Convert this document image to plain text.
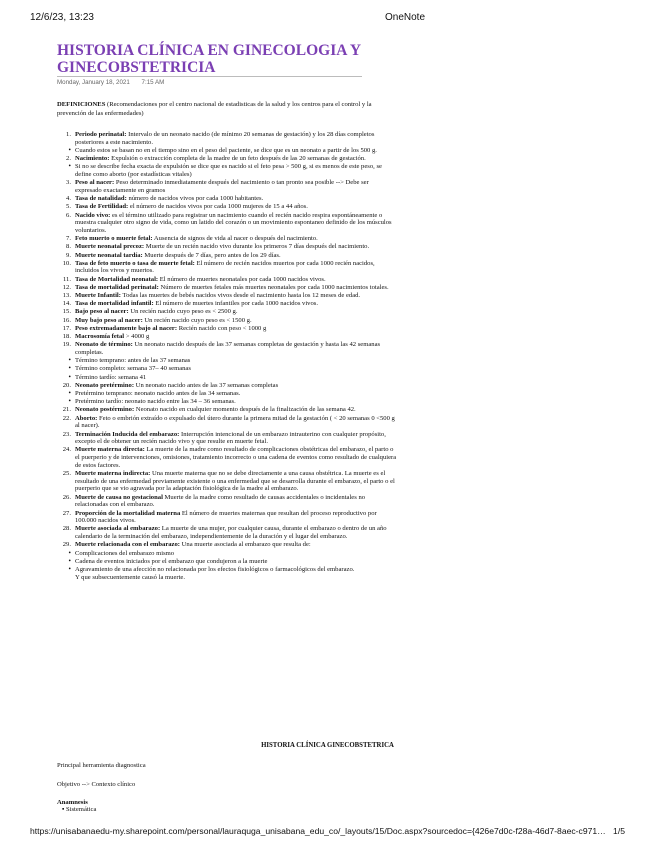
12/6/23, 13:23	OneNote
HISTORIA CLÍNICA EN GINECOLOGIA Y GINECOBSTETRICIA
Monday, January 18, 2021 7:15 AM
DEFINICIONES (Recomendaciones por el centro nacional de estadisticas de la salud y los centros para el control y la prevención de las enfermedades)
1. Periodo perinatal: Intervalo de un neonato nacido (de mínimo 20 semanas de gestación) y los 28 días completos posteriores a este nacimiento.
• Cuando estos se basan no en el tiempo sino en el peso del paciente, se dice que es un neonato a partir de los 500 g.
2. Nacimiento: Expulsión o extracción completa de la madre de un feto después de las 20 semanas de gestación.
• Si no se describe fecha exacta de expulsión se dice que es nacido si el feto pesa > 500 g, si es menos de este peso, se define como aborto (por estadísticas vitales)
3. Peso al nacer: Peso determinado inmediatamente después del nacimiento o tan pronto sea posible --> Debe ser expresado exactamente en gramos
4. Tasa de natalidad: número de nacidos vivos por cada 1000 habitantes.
5. Tasa de Fertilidad: el número de nacidos vivos por cada 1000 mujeres de 15 a 44 años.
6. Nacido vivo: es el término utilizado para registrar un nacimiento cuando el recién nacido respira espontáneamente o muestra cualquier otro signo de vida, como un latido del corazón o un movimiento espontaneo definido de los músculos voluntarios.
7. Feto muerto o muerte fetal: Ausencia de signos de vida al nacer o después del nacimiento.
8. Muerte neonatal precoz: Muerte de un recién nacido vivo durante los primeros 7 días después del nacimiento.
9. Muerte neonatal tardía: Muerte después de 7 días, pero antes de los 29 días.
10. Tasa de feto muerto o tasa de muerte fetal: El número de recién nacidos muertos por cada 1000 recién nacidos, incluidos los vivos y muertos.
11. Tasa de Mortalidad neonatal: El número de muertes neonatales por cada 1000 nacidos vivos.
12. Tasa de mortalidad perinatal: Número de muertes fetales más muertes neonatales por cada 1000 nacimientos totales.
13. Muerte Infantil: Todas las muertes de bebés nacidos vivos desde el nacimiento hasta los 12 meses de edad.
14. Tasa de mortalidad infantil: El número de muertes infantiles por cada 1000 nacidos vivos.
15. Bajo peso al nacer: Un recién nacido cuyo peso es < 2500 g.
16. Muy bajo peso al nacer: Un recién nacido cuyo peso es < 1500 g.
17. Peso extremadamente bajo al nacer: Recién nacido con peso < 1000 g
18. Macrosomía fetal > 4000 g
19. Neonato de término: Un neonato nacido después de las 37 semanas completas de gestación y hasta las 42 semanas completas.
• Término temprano: antes de las 37 semanas
• Término completo: semana 37– 40 semanas
• Término tardío: semana 41
20. Neonato pretérmino: Un neonato nacido antes de las 37 semanas completas
• Pretérmino temprano: neonato nacido antes de las 34 semanas.
• Pretérmino tardío: neonato nacido entre las 34 – 36 semanas.
21. Neonato postérmino: Neonato nacido en cualquier momento después de la finalización de las semana 42.
22. Aborto: Feto o embrión extraído o expulsado del útero durante la primera mitad de la gestación ( < 20 semanas 0 <500 g al nacer).
23. Terminación Inducida del embarazo: Interrupción intencional de un embarazo intrauterino con cualquier propósito, excepto el de obtener un recién nacido vivo y que resulte en muerte fetal.
24. Muerte materna directa: La muerte de la madre como resultado de complicaciones obstétricas del embarazo, el parto o el puerperio y de intervenciones, omisiones, tratamiento incorrecto o una cadena de eventos como resultado de cualquiera de estos factores.
25. Muerte materna indirecta: Una muerte materna que no se debe directamente a una causa obstétrica. La muerte es el resultado de una enfermedad previamente existente o una enfermedad que se desarrolla durante el embarazo, el parto o el puerperio que se vio agravada por la adaptación fisiológica de la madre al embarazo.
26. Muerte de causa no gestacional Muerte de la madre como resultado de causas accidentales o incidentales no relacionadas con el embarazo.
27. Proporción de la mortalidad materna El número de muertes maternas que resultan del proceso reproductivo por 100.000 nacidos vivos.
28. Muerte asociada al embarazo: La muerte de una mujer, por cualquier causa, durante el embarazo o dentro de un año calendario de la terminación del embarazo, independientemente de la duración y el lugar del embarazo.
29. Muerte relacionada con el embarazo: Una muerte asociada al embarazo que resulta de:
• Complicaciones del embarazo mismo
• Cadena de eventos iniciados por el embarazo que condujeron a la muerte
• Agravamiento de una afección no relacionada por los efectos fisiológicos o farmacológicos del embarazo.
Y que subsecuentemente causó la muerte.
HISTORIA CLÍNICA GINECOBSTETRICA
Principal herramienta diagnostica
Objetivo --> Contexto clínico
Anamnesis
▪ Sistemática
https://unisabanaedu-my.sharepoint.com/personal/lauraquga_unisabana_edu_co/_layouts/15/Doc.aspx?sourcedoc={426e7d0c-f28a-46d7-8aec-c971… 1/5
